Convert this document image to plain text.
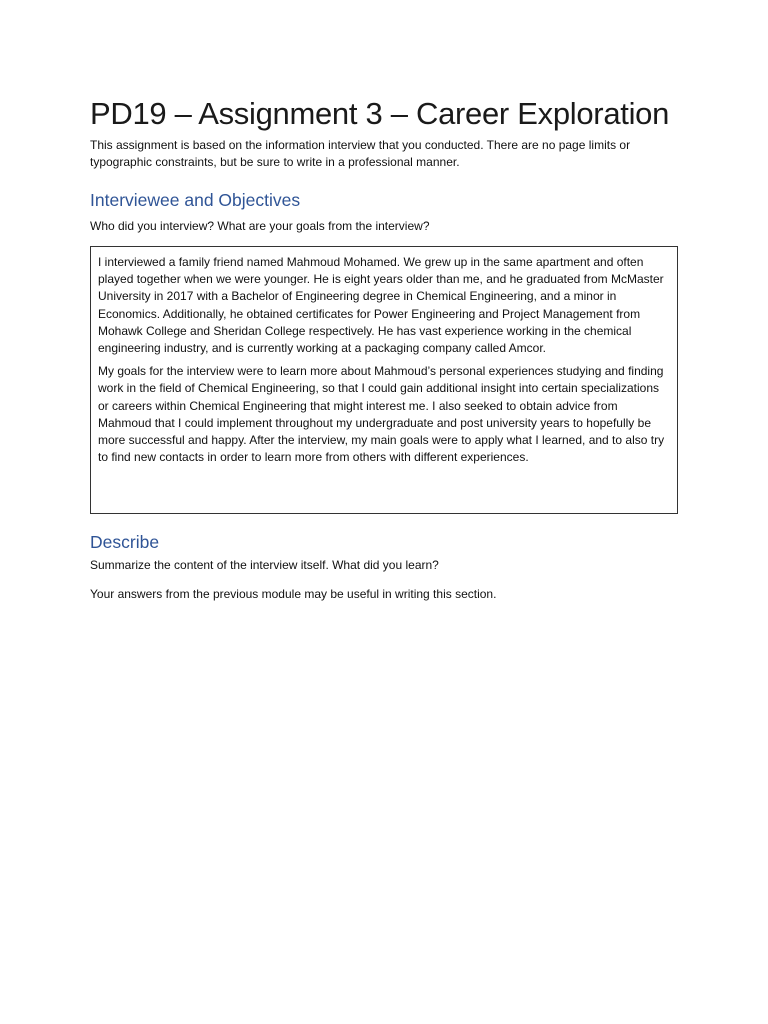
PD19 – Assignment 3 – Career Exploration

This assignment is based on the information interview that you conducted. There are no page limits or typographic constraints, but be sure to write in a professional manner.

Interviewee and Objectives

Who did you interview? What are your goals from the interview?

I interviewed a family friend named Mahmoud Mohamed. We grew up in the same apartment and often played together when we were younger. He is eight years older than me, and he graduated from McMaster University in 2017 with a Bachelor of Engineering degree in Chemical Engineering, and a minor in Economics. Additionally, he obtained certificates for Power Engineering and Project Management from Mohawk College and Sheridan College respectively. He has vast experience working in the chemical engineering industry, and is currently working at a packaging company called Amcor.

My goals for the interview were to learn more about Mahmoud’s personal experiences studying and finding work in the field of Chemical Engineering, so that I could gain additional insight into certain specializations or careers within Chemical Engineering that might interest me. I also seeked to obtain advice from Mahmoud that I could implement throughout my undergraduate and post university years to hopefully be more successful and happy. After the interview, my main goals were to apply what I learned, and to also try to find new contacts in order to learn more from others with different experiences.

Describe

Summarize the content of the interview itself. What did you learn?

Your answers from the previous module may be useful in writing this section.
